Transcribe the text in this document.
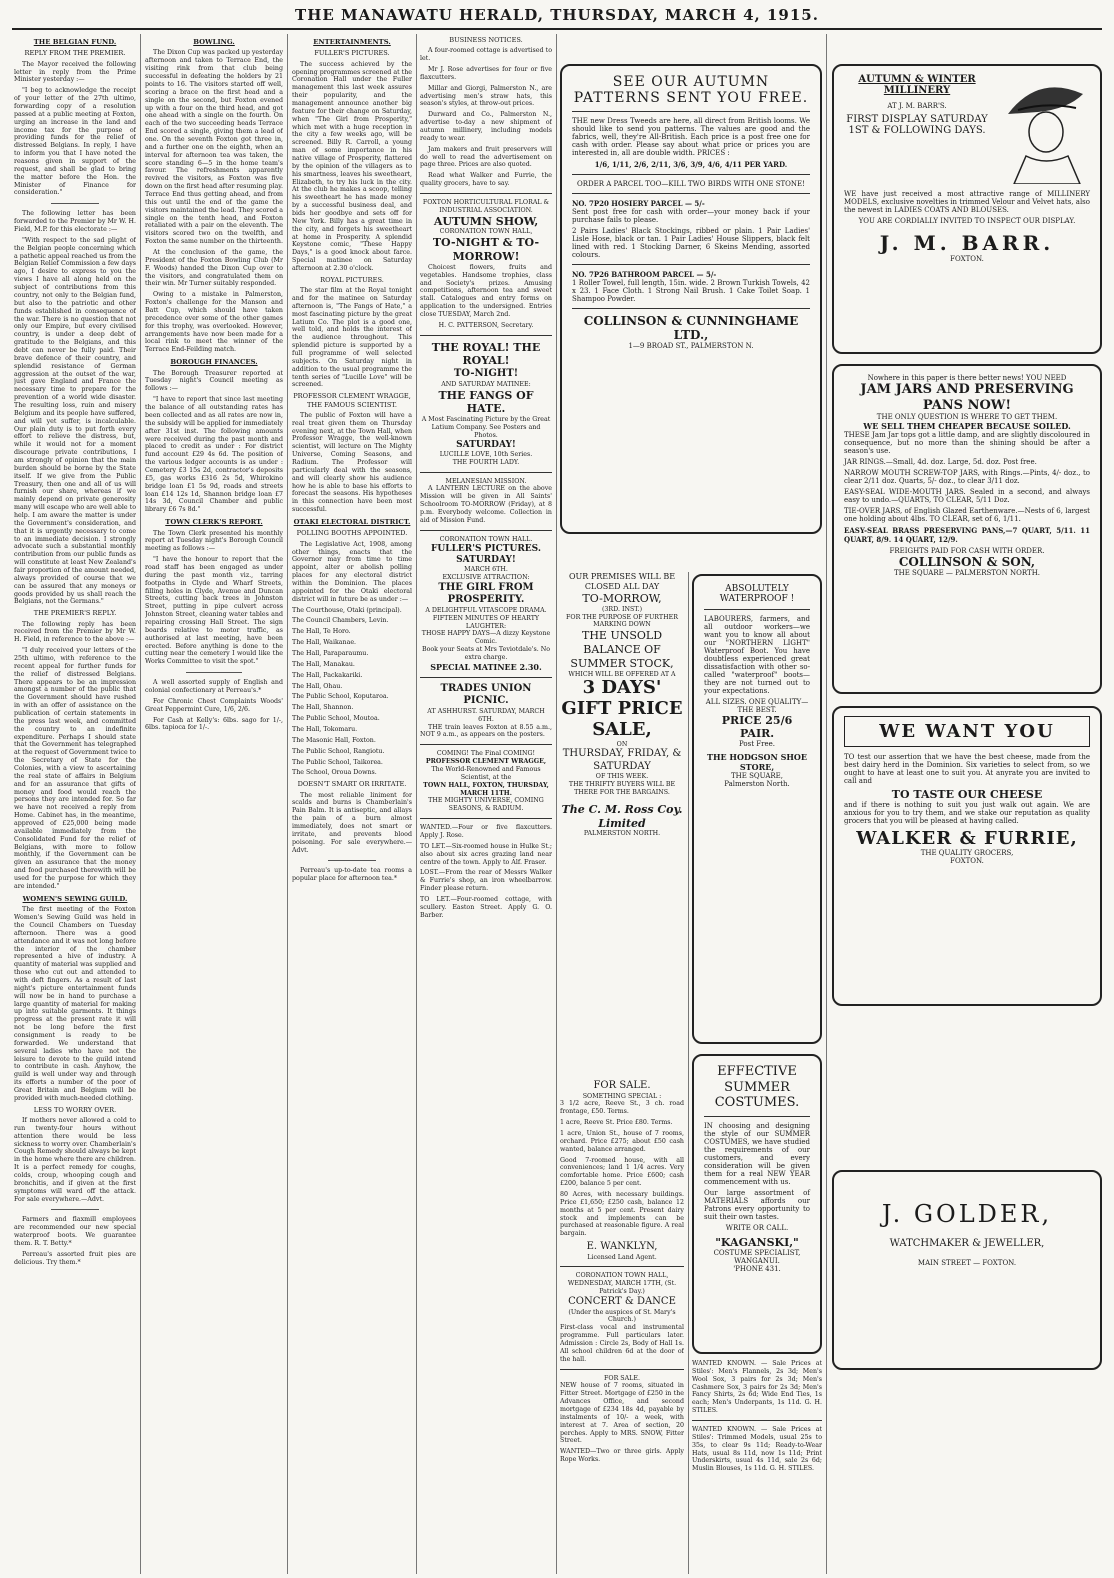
THE MANAWATU HERALD, THURSDAY, MARCH 4, 1915.
THE BELGIAN FUND.
REPLY FROM THE PREMIER.
The Mayor received the following letter in reply from the Prime Minister yesterday :—
"I beg to acknowledge the receipt of your letter of the 27th ultimo, forwarding copy of a resolution passed at a public meeting at Foxton, urging an increase in the land and income tax for the purpose of providing funds for the relief of distressed Belgians. In reply, I have to inform you that I have noted the reasons given in support of the request, and shall be glad to bring the matter before the Hon. the Minister of Finance for consideration."
The following letter has been forwarded to the Premier by Mr W. H. Field, M.P. for this electorate :—
"With respect to the sad plight of the Belgian people concerning which a pathetic appeal reached us from the Belgian Relief Commission a few days ago, I desire to express to you the views I have all along held on the subject of contributions from this country, not only to the Belgian fund, but also to the patriotic and other funds established in consequence of the war. There is no question that not only our Empire, but every civilised country, is under a deep debt of gratitude to the Belgians, and this debt can never be fully paid. Their brave defence of their country, and splendid resistance of German aggression at the outset of the war, just gave England and France the necessary time to prepare for the prevention of a world wide disaster. The resulting loss, ruin and misery Belgium and its people have suffered, and will yet suffer, is incalculable. Our plain duty is to put forth every effort to relieve the distress, but, while it would not for a moment discourage private contributions, I am strongly of opinion that the main burden should be borne by the State itself. If we give from the Public Treasury, then one and all of us will furnish our share, whereas if we mainly depend on private generosity many will escape who are well able to help. I am aware the matter is under the Government's consideration, and that it is urgently necessary to come to an immediate decision. I strongly advocate such a substantial monthly contribution from our public funds as will constitute at least New Zealand's fair proportion of the amount needed, always provided of course that we can be assured that any moneys or goods provided by us shall reach the Belgians, not the Germans."
THE PREMIER'S REPLY.
The following reply has been received from the Premier by Mr W. H. Field, in reference to the above :—
"I duly received your letters of the 25th ultimo, with reference to the recent appeal for further funds for the relief of distressed Belgians. There appears to be an impression amongst a number of the public that the Government should have rushed in with an offer of assistance on the publication of certain statements in the press last week, and committed the country to an indefinite expenditure. Perhaps I should state that the Government has telegraphed at the request of Government twice to the Secretary of State for the Colonies, with a view to ascertaining the real state of affairs in Belgium and for an assurance that gifts of money and food would reach the persons they are intended for. So far we have not received a reply from Home. Cabinet has, in the meantime, approved of £25,000 being made available immediately from the Consolidated Fund for the relief of Belgians, with more to follow monthly, if the Government can be given an assurance that the money and food purchased therewith will be used for the purpose for which they are intended."
WOMEN'S SEWING GUILD.
The first meeting of the Foxton Women's Sewing Guild was held in the Council Chambers on Tuesday afternoon. There was a good attendance and it was not long before the interior of the chamber represented a hive of industry. A quantity of material was supplied and those who cut out and attended to with deft fingers. As a result of last night's picture entertainment funds will now be in hand to purchase a large quantity of material for making up into suitable garments. It things progress at the present rate it will not be long before the first consignment is ready to be forwarded. We understand that several ladies who have not the leisure to devote to the guild intend to contribute in cash. Anyhow, the guild is well under way and through its efforts a number of the poor of Great Britain and Belgium will be provided with much-needed clothing.
LESS TO WORRY OVER.
If mothers never allowed a cold to run twenty-four hours without attention there would be less sickness to worry over. Chamberlain's Cough Remedy should always be kept in the home where there are children. It is a perfect remedy for coughs, colds, croup, whooping cough and bronchitis, and if given at the first symptoms will ward off the attack. For sale everywhere.—Advt.
Farmers and flaxmill employees are recommended our new special waterproof boots. We guarantee them. R. T. Betty.*
Perreau's assorted fruit pies are delicious. Try them.*
BOWLING.
The Dixon Cup was packed up yesterday afternoon and taken to Terrace End, the visiting rink from that club being successful in defeating the holders by 21 points to 16. The visitors started off well, scoring a brace on the first head and a single on the second, but Foxton evened up with a four on the third head, and got one ahead with a single on the fourth. On each of the two succeeding heads Terrace End scored a single, giving them a lead of one. On the seventh Foxton got three in, and a further one on the eighth, when an interval for afternoon tea was taken, the score standing 6—5 in the home team's favour. The refreshments apparently revived the visitors, as Foxton was five down on the first head after resuming play. Terrace End thus getting ahead, and from this out until the end of the game the visitors maintained the lead. They scored a single on the tenth head, and Foxton retaliated with a pair on the eleventh. The visitors scored two on the twelfth, and Foxton the same number on the thirteenth.
At the conclusion of the game, the President of the Foxton Bowling Club (Mr F. Woods) handed the Dixon Cup over to the visitors, and congratulated them on their win. Mr Turner suitably responded.
Owing to a mistake in Palmerston, Foxton's challenge for the Manson and Batt Cup, which should have taken precedence over some of the other games for this trophy, was overlooked. However, arrangements have now been made for a local rink to meet the winner of the Terrace End-Feilding match.
BOROUGH FINANCES.
The Borough Treasurer reported at Tuesday night's Council meeting as follows :—
"I have to report that since last meeting the balance of all outstanding rates has been collected and as all rates are now in, the subsidy will be applied for immediately after 31st inst. The following amounts were received during the past month and placed to credit as under : For district fund account £29 4s 6d. The position of the various ledger accounts is as under : Cemetery £3 15s 2d, contractor's deposits £5, gas works £316 2s 5d, Whirokino bridge loan £1 5s 9d, roads and streets loan £14 12s 1d, Shannon bridge loan £7 14s 3d, Council Chamber and public library £6 7s 8d."
TOWN CLERK'S REPORT.
The Town Clerk presented his monthly report at Tuesday night's Borough Council meeting as follows :—
"I have the honour to report that the road staff has been engaged as under during the past month viz., tarring footpaths in Clyde and Wharf Streets, filling holes in Clyde, Avenue and Duncan Streets, cutting back trees in Johnston Street, putting in pipe culvert across Johnston Street, cleaning water tables and repairing crossing Hall Street. The sign boards relative to motor traffic, as authorised at last meeting, have been erected. Before anything is done to the cutting near the cemetery I would like the Works Committee to visit the spot."
A well assorted supply of English and colonial confectionary at Perreau's.*
For Chronic Chest Complaints Woods' Great Peppermint Cure, 1/6, 2/6.
For Cash at Kelly's: 6lbs. sago for 1/-, 6lbs. tapioca for 1/-.
ENTERTAINMENTS.
FULLER'S PICTURES.
The success achieved by the opening programmes screened at the Coronation Hall under the Fuller management this last week assures their popularity, and the management announce another big feature for their change on Saturday, when "The Girl from Prosperity," which met with a huge reception in the city a few weeks ago, will be screened. Billy R. Carroll, a young man of some importance in his native village of Prosperity, flattered by the opinion of the villagers as to his smartness, leaves his sweetheart, Elizabeth, to try his luck in the city. At the club he makes a scoop, telling his sweetheart he has made money by a successful business deal, and bids her goodbye and sets off for New York. Billy has a great time in the city, and forgets his sweetheart at home in Prosperity. A splendid Keystone comic, "These Happy Days," is a good knock about farce. Special matinee on Saturday afternoon at 2.30 o'clock.
ROYAL PICTURES.
The star film at the Royal tonight and for the matinee on Saturday afternoon is, "The Fangs of Hate," a most fascinating picture by the great Latium Co. The plot is a good one, well told, and holds the interest of the audience throughout. This splendid picture is supported by a full programme of well selected subjects. On Saturday night in addition to the usual programme the tenth series of "Lucille Love" will be screened.
PROFESSOR CLEMENT WRAGGE, THE FAMOUS SCIENTIST.
The public of Foxton will have a real treat given them on Thursday evening next, at the Town Hall, when Professor Wragge, the well-known scientist, will lecture on The Mighty Universe, Coming Seasons, and Radium. The Professor will particularly deal with the seasons, and will clearly show his audience how he is able to base his efforts to forecast the seasons. His hypotheses in this connection have been most successful.
OTAKI ELECTORAL DISTRICT.
POLLING BOOTHS APPOINTED.
The Legislative Act, 1908, among other things, enacts that the Governor may from time to time appoint, alter or abolish polling places for any electoral district within the Dominion. The places appointed for the Otaki electoral district will in future be as under :—
The Courthouse, Otaki (principal).
The Council Chambers, Levin.
The Hall, Te Horo.
The Hall, Waikanae.
The Hall, Paraparaumu.
The Hall, Manakau.
The Hall, Packakariki.
The Hall, Ohau.
The Public School, Koputaroa.
The Hall, Shannon.
The Public School, Moutoa.
The Hall, Tokomaru.
The Masonic Hall, Foxton.
The Public School, Rangiotu.
The Public School, Taikorea.
The School, Oroua Downs.
DOESN'T SMART OR IRRITATE.
The most reliable liniment for scalds and burns is Chamberlain's Pain Balm. It is antiseptic, and allays the pain of a burn almost immediately, does not smart or irritate, and prevents blood poisoning. For sale everywhere.—Advt.
Perreau's up-to-date tea rooms a popular place for afternoon tea.*
BUSINESS NOTICES.
A four-roomed cottage is advertised to let.
Mr J. Rose advertises for four or five flaxcutters.
Millar and Giorgi, Palmerston N., are advertising men's straw hats, this season's styles, at throw-out prices.
Durward and Co., Palmerston N., advertise to-day a new shipment of autumn millinery, including models ready to wear.
Jam makers and fruit preservers will do well to read the advertisement on page three. Prices are also quoted.
Read what Walker and Furrie, the quality grocers, have to say.
FOXTON HORTICULTURAL FLORAL & INDUSTRIAL ASSOCIATION.
AUTUMN SHOW,
CORONATION TOWN HALL,
TO-NIGHT & TO-MORROW!
Choicest flowers, fruits and vegetables. Handsome trophies, class and Society's prizes. Amusing competitions, afternoon tea and sweet stall. Catalogues and entry forms on application to the undersigned. Entries close TUESDAY, March 2nd.
H. C. PATTERSON, Secretary.
THE ROYAL! THE ROYAL!
TO-NIGHT!
AND SATURDAY MATINEE:
THE FANGS OF HATE.
A Most Fascinating Picture by the Great Latium Company. See Posters and Photos.
SATURDAY!
LUCILLE LOVE, 10th Series.
THE FOURTH LADY.
MELANESIAN MISSION.
A LANTERN LECTURE on the above Mission will be given in All Saints' Schoolroom TO-MORROW (Friday), at 8 p.m. Everybody welcome. Collection in aid of Mission Fund.
CORONATION TOWN HALL.
FULLER'S PICTURES.
SATURDAY!
MARCH 6TH.
EXCLUSIVE ATTRACTION:
THE GIRL FROM PROSPERITY.
A DELIGHTFUL VITASCOPE DRAMA.
FIFTEEN MINUTES OF HEARTY LAUGHTER:
THOSE HAPPY DAYS—A dizzy Keystone Comic.
Book your Seats at Mrs Teviotdale's. No extra charge.
SPECIAL MATINEE 2.30.
TRADES UNION PICNIC.
AT ASHHURST. SATURDAY, MARCH 6TH.
THE train leaves Foxton at 8.55 a.m., NOT 9 a.m., as appears on the posters.
COMING! The Final COMING!
PROFESSOR CLEMENT WRAGGE,
The World-Renowned and Famous Scientist, at the
TOWN HALL, FOXTON, THURSDAY, MARCH 11TH.
THE MIGHTY UNIVERSE, COMING SEASONS, & RADIUM.
WANTED.—Four or five flaxcutters. Apply J. Rose.
TO LET.—Six-roomed house in Hulke St.; also about six acres grazing land near centre of the town. Apply to Alf. Fraser.
LOST.—From the rear of Messrs Walker & Furrie's shop, an iron wheelbarrow. Finder please return.
TO LET.—Four-roomed cottage, with scullery. Easton Street. Apply G. O. Barber.
SEE OUR AUTUMN PATTERNS SENT YOU FREE.
THE new Dress Tweeds are here, all direct from British looms. We should like to send you patterns. The values are good and the fabrics, well, they're All-British. Each price is a post free one for cash with order. Please say about what price or prices you are interested in, all are double width. PRICES :
1/6, 1/11, 2/6, 2/11, 3/6, 3/9, 4/6, 4/11 PER YARD.
ORDER A PARCEL TOO—KILL TWO BIRDS WITH ONE STONE!
NO. 7P20 HOSIERY PARCEL — 5/-
Sent post free for cash with order—your money back if your purchase fails to please.
2 Pairs Ladies' Black Stockings, ribbed or plain. 1 Pair Ladies' Lisle Hose, black or tan. 1 Pair Ladies' House Slippers, black felt lined with red. 1 Stocking Darner, 6 Skeins Mending, assorted colours.
NO. 7P26 BATHROOM PARCEL — 5/-
1 Roller Towel, full length, 15in. wide. 2 Brown Turkish Towels, 42 x 23. 1 Face Cloth. 1 Strong Nail Brush. 1 Cake Toilet Soap. 1 Shampoo Powder.
COLLINSON & CUNNINGHAME LTD.,
1—9 BROAD ST., PALMERSTON N.
OUR PREMISES WILL BE CLOSED ALL DAY
TO-MORROW,
(3RD. INST.)
FOR THE PURPOSE OF FURTHER MARKING DOWN
THE UNSOLD BALANCE OF SUMMER STOCK,
WHICH WILL BE OFFERED AT A
3 DAYS' GIFT PRICE SALE,
ON
THURSDAY, FRIDAY, & SATURDAY
OF THIS WEEK.
THE THRIFTY BUYERS WILL BE THERE FOR THE BARGAINS.
The C. M. Ross Coy. Limited
PALMERSTON NORTH.
FOR SALE.
SOMETHING SPECIAL :
3 1/2 acre, Reeve St., 3 ch. road frontage, £50. Terms.
1 acre, Reeve St. Price £80. Terms.
1 acre, Union St., house of 7 rooms, orchard. Price £275; about £50 cash wanted, balance arranged.
Good 7-roomed house, with all conveniences; land 1 1/4 acres. Very comfortable home. Price £600; cash £200, balance 5 per cent.
80 Acres, with necessary buildings. Price £1,650; £250 cash, balance 12 months at 5 per cent. Present dairy stock and implements can be purchased at reasonable figure. A real bargain.
E. WANKLYN,
Licensed Land Agent.
CORONATION TOWN HALL,
WEDNESDAY, MARCH 17TH, (St. Patrick's Day.)
CONCERT & DANCE
(Under the auspices of St. Mary's Church.)
First-class vocal and instrumental programme. Full particulars later. Admission : Circle 2s, Body of Hall 1s. All school children 6d at the door of the hall.
FOR SALE.
NEW house of 7 rooms, situated in Fitter Street. Mortgage of £250 in the Advances Office, and second mortgage of £234 18s 4d, payable by instalments of 10/- a week, with interest at 7. Area of section, 20 perches. Apply to MRS. SNOW, Fitter Street.
WANTED—Two or three girls. Apply Rope Works.
ABSOLUTELY WATERPROOF !
LABOURERS, farmers, and all outdoor workers—we want you to know all about our "NORTHERN LIGHT" Waterproof Boot. You have doubtless experienced great dissatisfaction with other so-called "waterproof" boots—they are not turned out to your expectations.
ALL SIZES. ONE QUALITY—THE BEST.
PRICE 25/6 PAIR.
Post Free.
THE HODGSON SHOE STORE,
THE SQUARE,
Palmerston North.
EFFECTIVE SUMMER COSTUMES.
IN choosing and designing the style of our SUMMER COSTUMES, we have studied the requirements of our customers, and every consideration will be given them for a real NEW YEAR commencement with us.
Our large assortment of MATERIALS affords our Patrons every opportunity to suit their own tastes.
WRITE OR CALL.
"KAGANSKI,"
COSTUME SPECIALIST, WANGANUI.
'PHONE 431.
WANTED KNOWN. — Sale Prices at Stiles': Men's Flannels, 2s 3d; Men's Wool Sox, 3 pairs for 2s 3d; Men's Cashmere Sox, 3 pairs for 2s 3d; Men's Fancy Shirts, 2s 6d; Wide End Ties, 1s each; Men's Underpants, 1s 11d. G. H. STILES.
WANTED KNOWN. — Sale Prices at Stiles': Trimmed Models, usual 25s to 35s, to clear 9s 11d; Ready-to-Wear Hats, usual 8s 11d, now 1s 11d; Print Underskirts, usual 4s 11d, sale 2s 6d; Muslin Blouses, 1s 11d. G. H. STILES.
AUTUMN & WINTER MILLINERY
AT J. M. BARR'S.
FIRST DISPLAY SATURDAY 1ST & FOLLOWING DAYS.
WE have just received a most attractive range of MILLINERY MODELS, exclusive novelties in trimmed Velour and Velvet hats, also the newest in LADIES COATS AND BLOUSES.
YOU ARE CORDIALLY INVITED TO INSPECT OUR DISPLAY.
J. M. BARR.
FOXTON.
Nowhere in this paper is there better news! YOU NEED
JAM JARS AND PRESERVING PANS NOW!
THE ONLY QUESTION IS WHERE TO GET THEM.
WE SELL THEM CHEAPER BECAUSE SOILED.
THESE Jam Jar tops got a little damp, and are slightly discoloured in consequence, but no more than the shining should be after a season's use.
JAR RINGS.—Small, 4d. doz. Large, 5d. doz. Post free.
NARROW MOUTH SCREW-TOP JARS, with Rings.—Pints, 4/- doz., to clear 2/11 doz. Quarts, 5/- doz., to clear 3/11 doz.
EASY-SEAL WIDE-MOUTH JARS. Sealed in a second, and always easy to undo.—QUARTS, TO CLEAR, 5/11 Doz.
TIE-OVER JARS, of English Glazed Earthenware.—Nests of 6, largest one holding about 4lbs. TO CLEAR, set of 6, 1/11.
EASY-SEAL BRASS PRESERVING PANS,—7 QUART, 5/11. 11 QUART, 8/9. 14 QUART, 12/9.
FREIGHTS PAID FOR CASH WITH ORDER.
COLLINSON & SON,
THE SQUARE — PALMERSTON NORTH.
WE WANT YOU
TO test our assertion that we have the best cheese, made from the best dairy herd in the Dominion. Six varieties to select from, so we ought to have at least one to suit you. At anyrate you are invited to call and
TO TASTE OUR CHEESE
and if there is nothing to suit you just walk out again. We are anxious for you to try them, and we stake our reputation as quality grocers that you will be pleased at having called.
WALKER & FURRIE,
THE QUALITY GROCERS,
FOXTON.
J. GOLDER,
WATCHMAKER & JEWELLER,
MAIN STREET — FOXTON.
